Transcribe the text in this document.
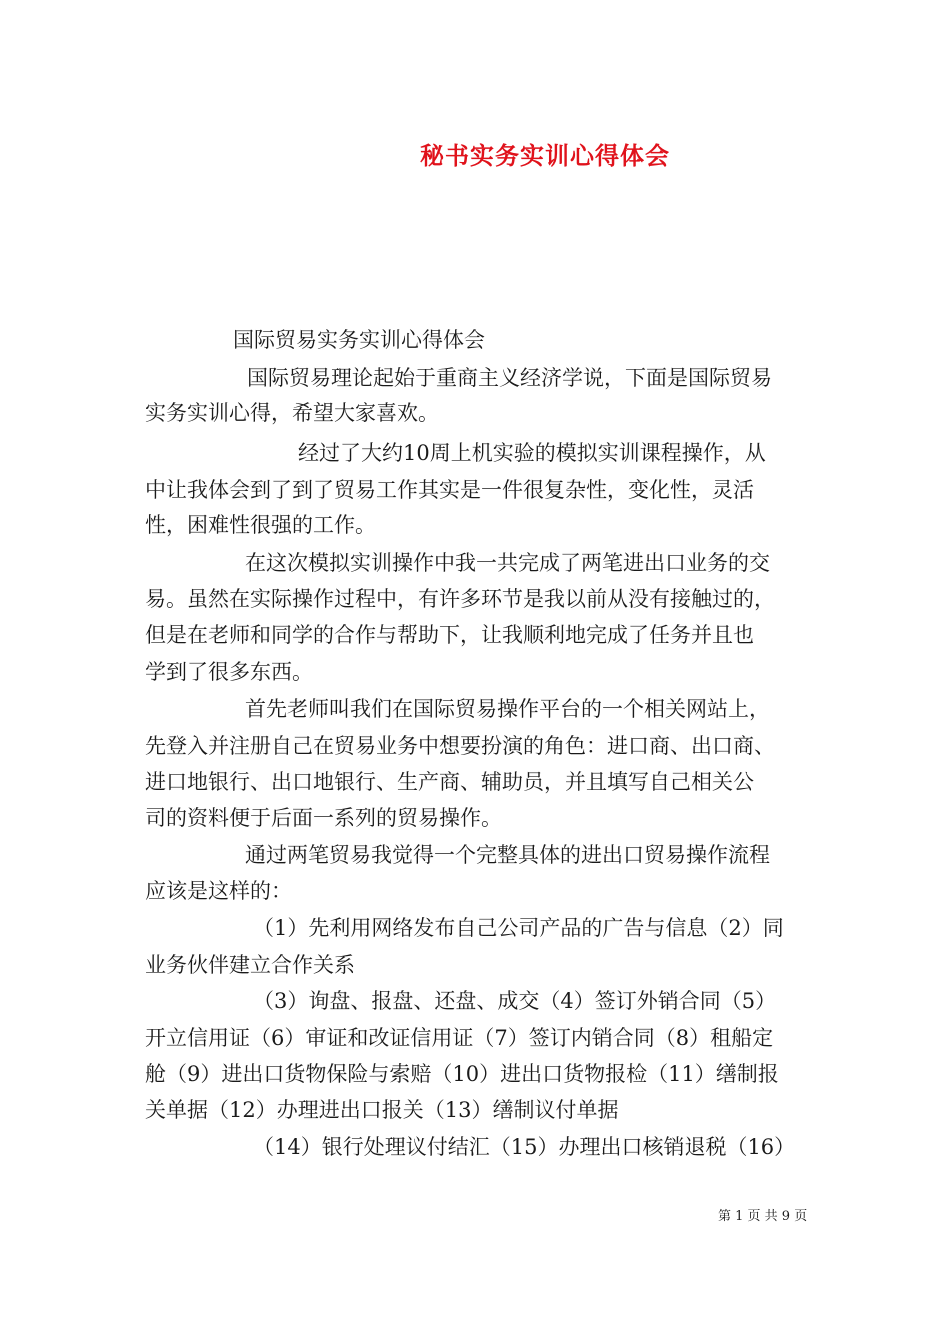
秘书实务实训心得体会
国际贸易实务实训心得体会
国际贸易理论起始于重商主义经济学说，下面是国际贸易
实务实训心得，希望大家喜欢。
经过了大约10周上机实验的模拟实训课程操作，从
中让我体会到了到了贸易工作其实是一件很复杂性，变化性，灵活
性，困难性很强的工作。
在这次模拟实训操作中我一共完成了两笔进出口业务的交
易。虽然在实际操作过程中，有许多环节是我以前从没有接触过的，
但是在老师和同学的合作与帮助下，让我顺利地完成了任务并且也
学到了很多东西。
首先老师叫我们在国际贸易操作平台的一个相关网站上，
先登入并注册自己在贸易业务中想要扮演的角色：进口商、出口商、
进口地银行、出口地银行、生产商、辅助员，并且填写自己相关公
司的资料便于后面一系列的贸易操作。
通过两笔贸易我觉得一个完整具体的进出口贸易操作流程
应该是这样的：
（1）先利用网络发布自己公司产品的广告与信息（2）同
业务伙伴建立合作关系
（3）询盘、报盘、还盘、成交（4）签订外销合同（5）
开立信用证（6）审证和改证信用证（7）签订内销合同（8）租船定
舱（9）进出口货物保险与索赔（10）进出口货物报检（11）缮制报
关单据（12）办理进出口报关（13）缮制议付单据
（14）银行处理议付结汇（15）办理出口核销退税（16）
第 1 页 共 9 页
